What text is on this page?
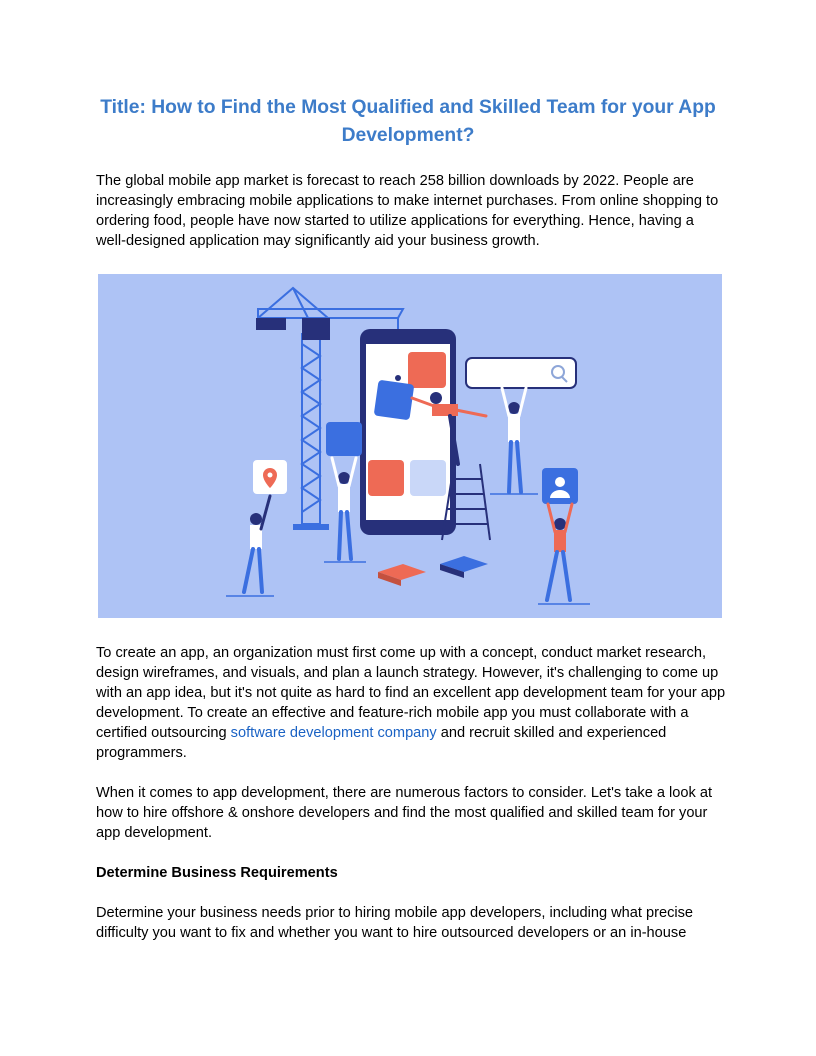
Title: How to Find the Most Qualified and Skilled Team for your App Development?

The global mobile app market is forecast to reach 258 billion downloads by 2022. People are increasingly embracing mobile applications to make internet purchases. From online shopping to ordering food, people have now started to utilize applications for everything. Hence, having a well-designed application may significantly aid your business growth.

To create an app, an organization must first come up with a concept, conduct market research, design wireframes, and visuals, and plan a launch strategy. However, it's challenging to come up with an app idea, but it's not quite as hard to find an excellent app development team for your app development. To create an effective and feature-rich mobile app you must collaborate with a certified outsourcing software development company and recruit skilled and experienced programmers.

When it comes to app development, there are numerous factors to consider. Let's take a look at how to hire offshore & onshore developers and find the most qualified and skilled team for your app development.

Determine Business Requirements

Determine your business needs prior to hiring mobile app developers, including what precise difficulty you want to fix and whether you want to hire outsourced developers or an in-house
